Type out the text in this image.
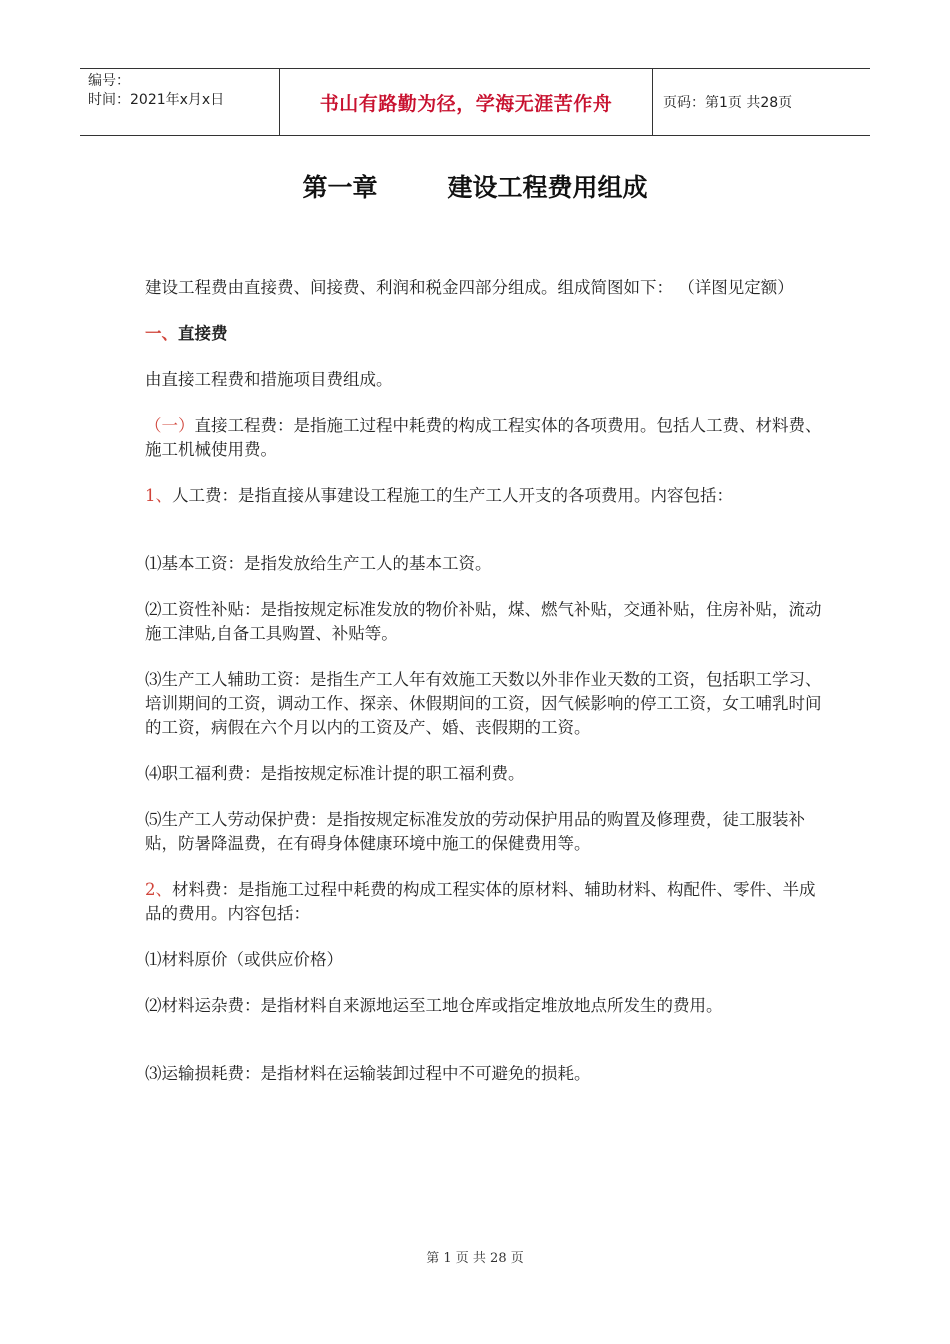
编号：
时间：2021年x月x日	书山有路勤为径，学海无涯苦作舟	页码：第1页 共28页
第一章	建设工程费用组成

建设工程费由直接费、间接费、利润和税金四部分组成。组成简图如下： （详图见定额）

一、直接费

由直接工程费和措施项目费组成。

（一）直接工程费：是指施工过程中耗费的构成工程实体的各项费用。包括人工费、材料费、施工机械使用费。

1、人工费：是指直接从事建设工程施工的生产工人开支的各项费用。内容包括：

⑴基本工资：是指发放给生产工人的基本工资。

⑵工资性补贴：是指按规定标准发放的物价补贴，煤、燃气补贴，交通补贴，住房补贴，流动施工津贴,自备工具购置、补贴等。

⑶生产工人辅助工资：是指生产工人年有效施工天数以外非作业天数的工资，包括职工学习、培训期间的工资，调动工作、探亲、休假期间的工资，因气候影响的停工工资，女工哺乳时间的工资，病假在六个月以内的工资及产、婚、丧假期的工资。

⑷职工福利费：是指按规定标准计提的职工福利费。

⑸生产工人劳动保护费：是指按规定标准发放的劳动保护用品的购置及修理费，徒工服装补贴，防暑降温费，在有碍身体健康环境中施工的保健费用等。

2、材料费：是指施工过程中耗费的构成工程实体的原材料、辅助材料、构配件、零件、半成品的费用。内容包括：

⑴材料原价（或供应价格）

⑵材料运杂费：是指材料自来源地运至工地仓库或指定堆放地点所发生的费用。

⑶运输损耗费：是指材料在运输装卸过程中不可避免的损耗。

第 1 页 共 28 页
